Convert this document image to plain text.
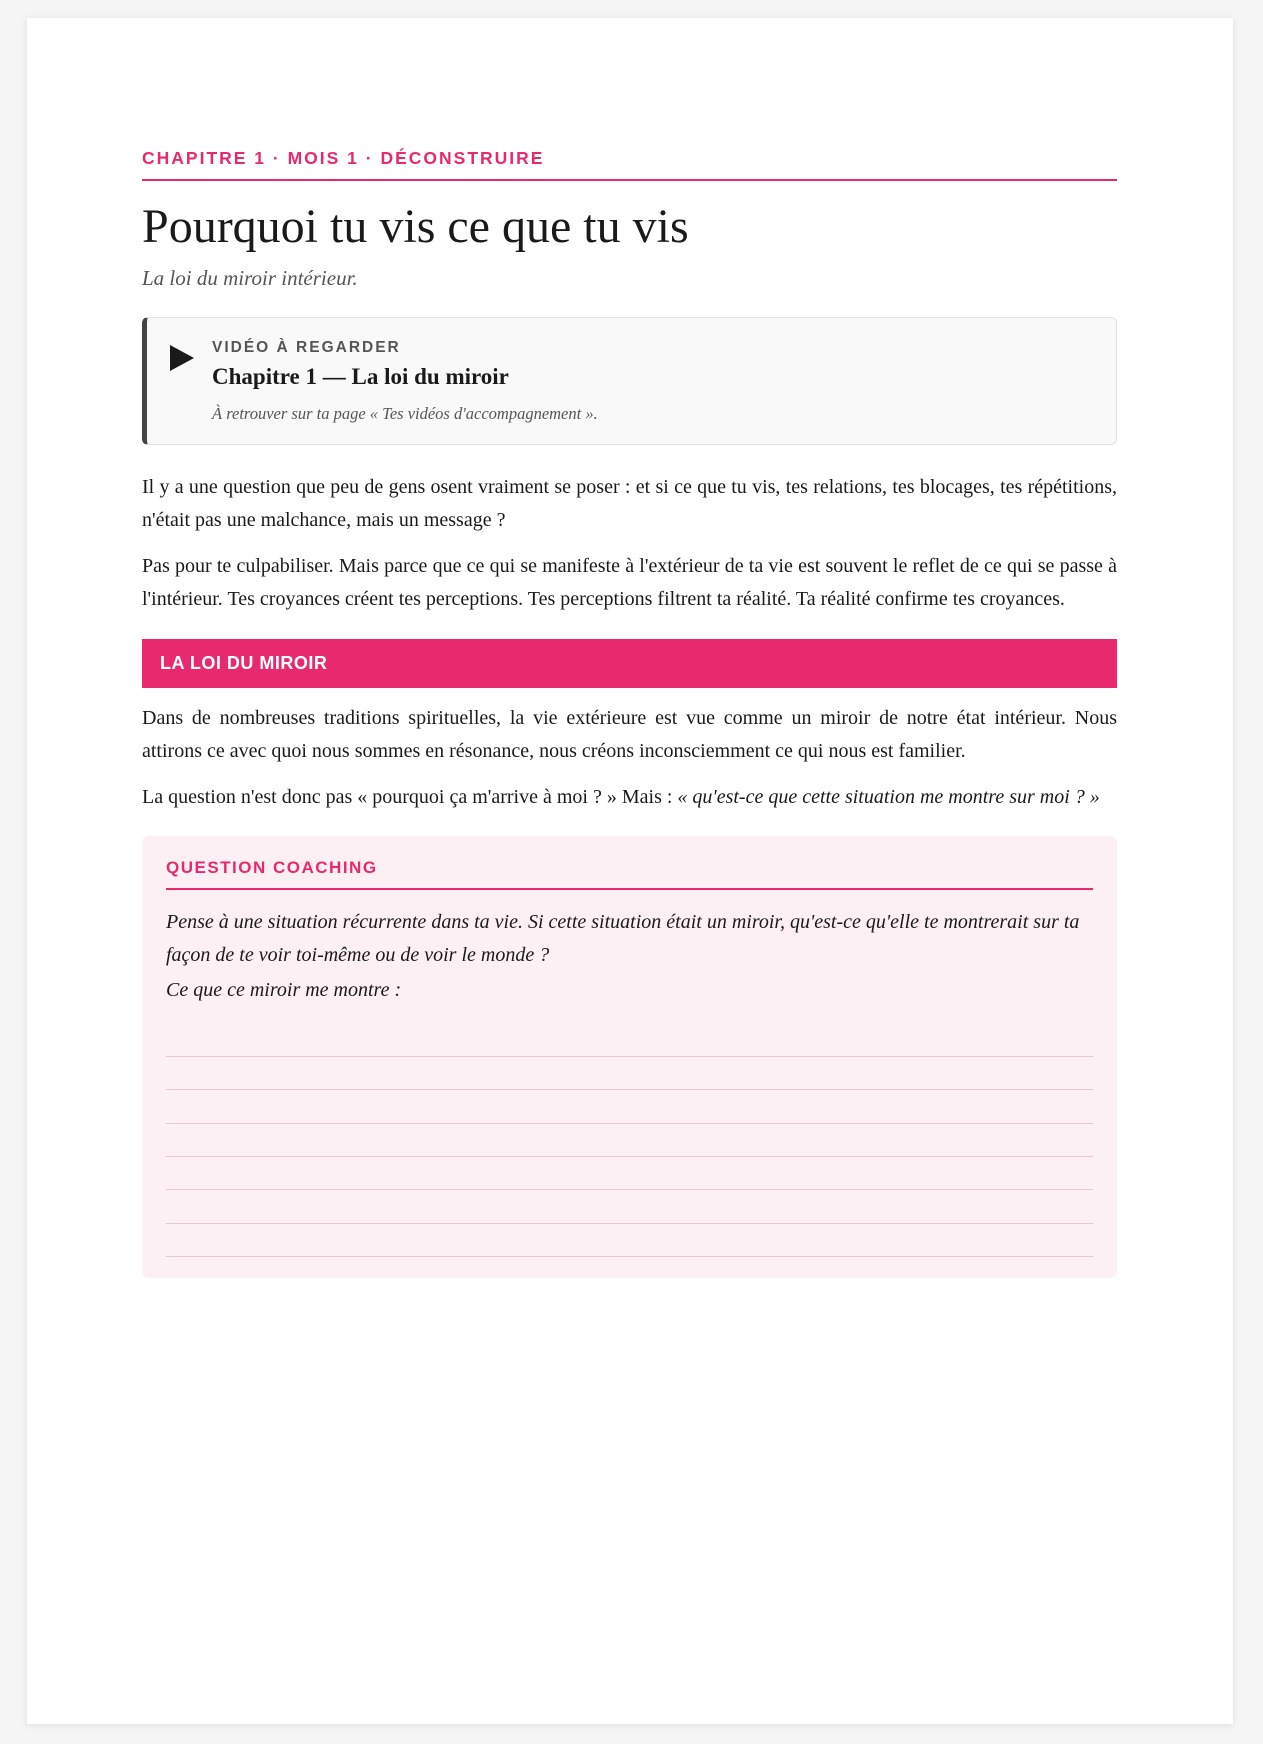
CHAPITRE 1 · MOIS 1 · DÉCONSTRUIRE
Pourquoi tu vis ce que tu vis
La loi du miroir intérieur.
VIDÉO À REGARDER
Chapitre 1 — La loi du miroir
À retrouver sur ta page « Tes vidéos d'accompagnement ».

Il y a une question que peu de gens osent vraiment se poser : et si ce que tu vis, tes relations, tes blocages, tes répétitions, n'était pas une malchance, mais un message ?

Pas pour te culpabiliser. Mais parce que ce qui se manifeste à l'extérieur de ta vie est souvent le reflet de ce qui se passe à l'intérieur. Tes croyances créent tes perceptions. Tes perceptions filtrent ta réalité. Ta réalité confirme tes croyances.

LA LOI DU MIROIR

Dans de nombreuses traditions spirituelles, la vie extérieure est vue comme un miroir de notre état intérieur. Nous attirons ce avec quoi nous sommes en résonance, nous créons inconsciemment ce qui nous est familier.

La question n'est donc pas « pourquoi ça m'arrive à moi ? » Mais : « qu'est-ce que cette situation me montre sur moi ? »

QUESTION COACHING
Pense à une situation récurrente dans ta vie. Si cette situation était un miroir, qu'est-ce qu'elle te montrerait sur ta façon de te voir toi-même ou de voir le monde ?
Ce que ce miroir me montre :
